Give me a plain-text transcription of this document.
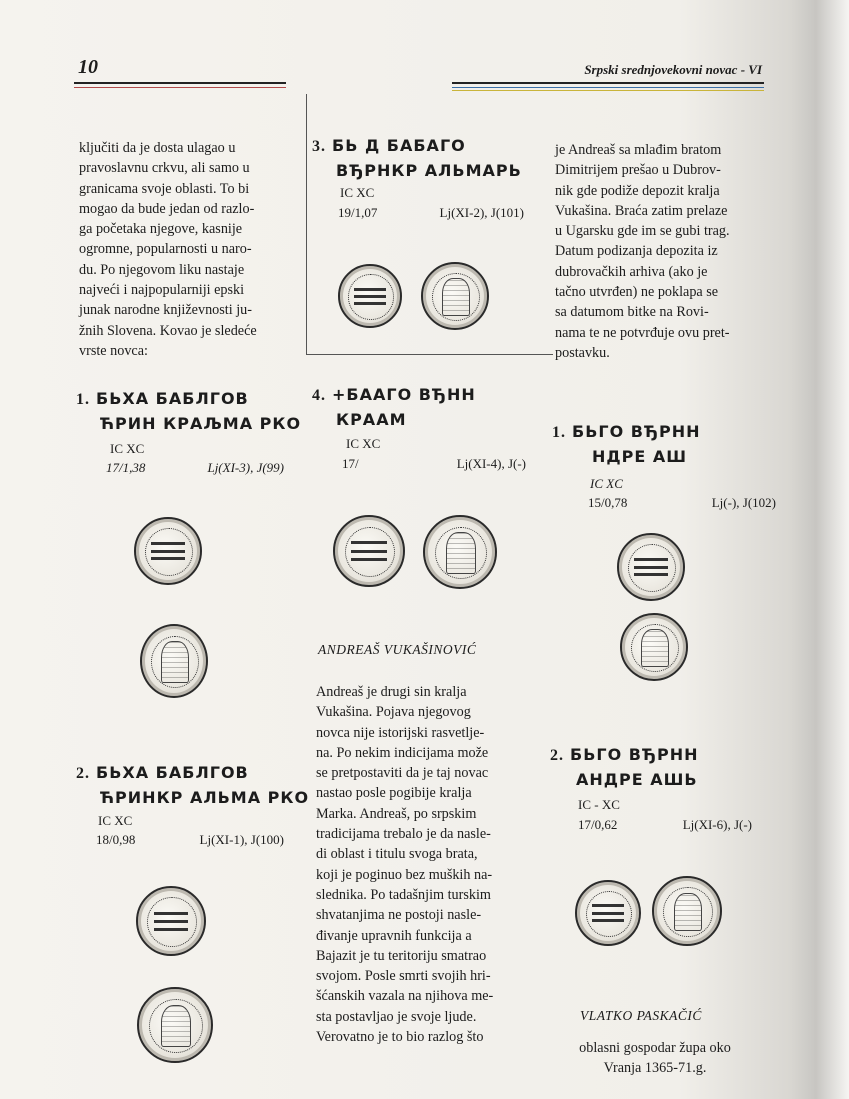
10	Srpski srednjovekovni novac - VI
ključiti da je dosta ulagao u
pravoslavnu crkvu, ali samo u
granicama svoje oblasti. To bi
mogao da bude jedan od razlo-
ga početaka njegove, kasnije
ogromne, popularnosti u naro-
du. Po njegovom liku nastaje
najveći i najpopularniji epski
junak narodne književnosti ju-
žnih Slovena. Kovao je sledeće
vrste novca:
1. БЬХА БАБЛГОВ
ЋРИН КРАЉМА РКО
IC XC
17/1,38	Lj(XI-3), J(99)
2. БЬХА БАБЛГОВ
ЋРИНКР АЛЬМА РКО
IC XC
18/0,98	Lj(XI-1), J(100)
3. БЬ Д БАБАГО
ВЂРНКР АЛЬМАРЬ
IC XC
19/1,07	Lj(XI-2), J(101)
4. +БААГО ВЂНН
КРААМ
IC XC
17/	Lj(XI-4), J(-)
ANDREAŠ VUKAŠINOVIĆ
Andreaš je drugi sin kralja
Vukašina. Pojava njegovog
novca nije istorijski rasvetlje-
na. Po nekim indicijama može
se pretpostaviti da je taj novac
nastao posle pogibije kralja
Marka. Andreaš, po srpskim
tradicijama trebalo je da nasle-
di oblast i titulu svoga brata,
koji je poginuo bez muških na-
slednika. Po tadašnjim turskim
shvatanjima ne postoji nasle-
đivanje upravnih funkcija a
Bajazit je tu teritoriju smatrao
svojom. Posle smrti svojih hri-
šćanskih vazala na njihova me-
sta postavljao je svoje ljude.
Verovatno je to bio razlog što
je Andreaš sa mlađim bratom
Dimitrijem prešao u Dubrov-
nik gde podiže depozit kralja
Vukašina. Braća zatim prelaze
u Ugarsku gde im se gubi trag.
Datum podizanja depozita iz
dubrovačkih arhiva (ako je
tačno utvrđen) ne poklapa se
sa datumom bitke na Rovi-
nama te ne potvrđuje ovu pret-
postavku.
1. БЬГО ВЂРНН
НДРЕ АШ
IC XC
15/0,78	Lj(-), J(102)
2. БЬГО ВЂРНН
АНДРЕ АШЬ
IC - XC
17/0,62	Lj(XI-6), J(-)
VLATKO PASKAČIĆ
oblasni gospodar župa oko
Vranja 1365-71.g.
